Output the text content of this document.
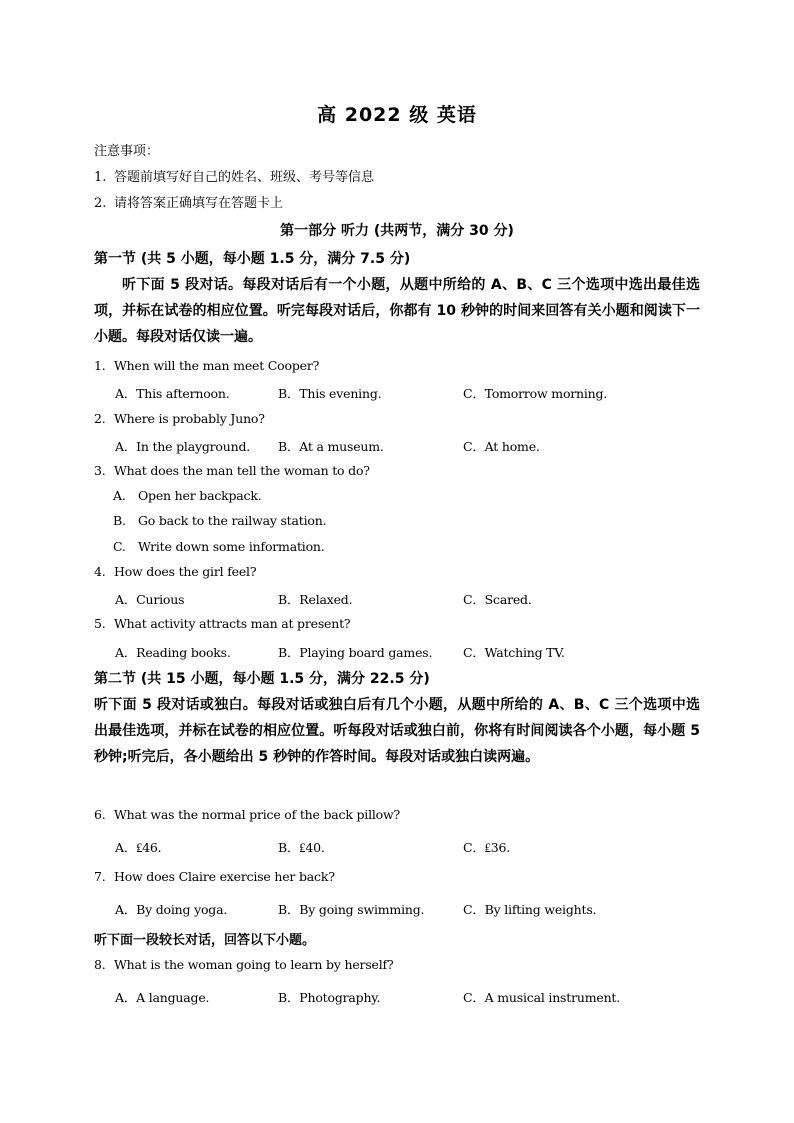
高 2022 级 英语
注意事项：
1. 答题前填写好自己的姓名、班级、考号等信息
2. 请将答案正确填写在答题卡上
第一部分 听力 (共两节，满分 30 分)
第一节 (共 5 小题，每小题 1.5 分，满分 7.5 分)
听下面 5 段对话。每段对话后有一个小题，从题中所给的 A、B、C 三个选项中选出最佳选项，并标在试卷的相应位置。听完每段对话后，你都有 10 秒钟的时间来回答有关小题和阅读下一小题。每段对话仅读一遍。
1. When will the man meet Cooper?
A．This afternoon.	B．This evening.	C．Tomorrow morning.
2. Where is probably Juno?
A．In the playground. B．At a museum.	C．At home.
3. What does the man tell the woman to do?
A. Open her backpack.
B. Go back to the railway station.
C. Write down some information.
4. How does the girl feel?
A．Curious	B．Relaxed.	C．Scared.
5. What activity attracts man at present?
A．Reading books.	B．Playing board games. C．Watching TV.
第二节 (共 15 小题，每小题 1.5 分，满分 22.5 分)
听下面 5 段对话或独白。每段对话或独白后有几个小题，从题中所给的 A、B、C 三个选项中选出最佳选项，并标在试卷的相应位置。听每段对话或独白前，你将有时间阅读各个小题，每小题 5 秒钟;听完后，各小题给出 5 秒钟的作答时间。每段对话或独白读两遍。
6. What was the normal price of the back pillow?
A．₤46.	B．₤40.	C．₤36.
7. How does Claire exercise her back?
A．By doing yoga.	B．By going swimming.	C．By lifting weights.
听下面一段较长对话，回答以下小题。
8. What is the woman going to learn by herself?
A．A language.	B．Photography.	C．A musical instrument.
